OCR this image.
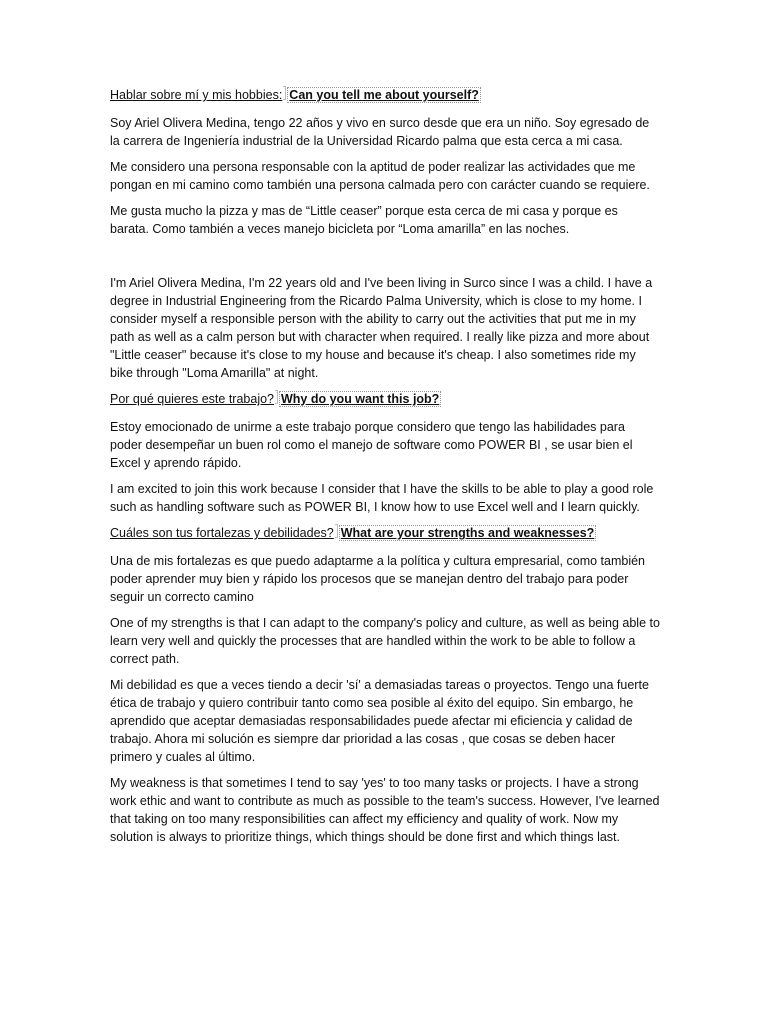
Hablar sobre mí y mis hobbies: Can you tell me about yourself?

Soy Ariel Olivera Medina, tengo 22 años y vivo en surco desde que era un niño. Soy egresado de la carrera de Ingeniería industrial de la Universidad Ricardo palma que esta cerca a mi casa.

Me considero una persona responsable con la aptitud de poder realizar las actividades que me pongan en mi camino como también una persona calmada pero con carácter cuando se requiere.

Me gusta mucho la pizza y mas de “Little ceaser” porque esta cerca de mi casa y porque es barata. Como también a veces manejo bicicleta por “Loma amarilla” en las noches.

I'm Ariel Olivera Medina, I'm 22 years old and I've been living in Surco since I was a child. I have a degree in Industrial Engineering from the Ricardo Palma University, which is close to my home. I consider myself a responsible person with the ability to carry out the activities that put me in my path as well as a calm person but with character when required. I really like pizza and more about "Little ceaser" because it's close to my house and because it's cheap. I also sometimes ride my bike through "Loma Amarilla" at night.

Por qué quieres este trabajo? Why do you want this job?

Estoy emocionado de unirme a este trabajo porque considero que tengo las habilidades para poder desempeñar un buen rol como el manejo de software como POWER BI , se usar bien el Excel y aprendo rápido.

I am excited to join this work because I consider that I have the skills to be able to play a good role such as handling software such as POWER BI, I know how to use Excel well and I learn quickly.

Cuáles son tus fortalezas y debilidades? What are your strengths and weaknesses?

Una de mis fortalezas es que puedo adaptarme a la política y cultura empresarial, como también poder aprender muy bien y rápido los procesos que se manejan dentro del trabajo para poder seguir un correcto camino

One of my strengths is that I can adapt to the company's policy and culture, as well as being able to learn very well and quickly the processes that are handled within the work to be able to follow a correct path.

Mi debilidad es que a veces tiendo a decir 'sí' a demasiadas tareas o proyectos. Tengo una fuerte ética de trabajo y quiero contribuir tanto como sea posible al éxito del equipo. Sin embargo, he aprendido que aceptar demasiadas responsabilidades puede afectar mi eficiencia y calidad de trabajo. Ahora mi solución es siempre dar prioridad a las cosas , que cosas se deben hacer primero y cuales al último.

My weakness is that sometimes I tend to say 'yes' to too many tasks or projects. I have a strong work ethic and want to contribute as much as possible to the team's success. However, I've learned that taking on too many responsibilities can affect my efficiency and quality of work. Now my solution is always to prioritize things, which things should be done first and which things last.
